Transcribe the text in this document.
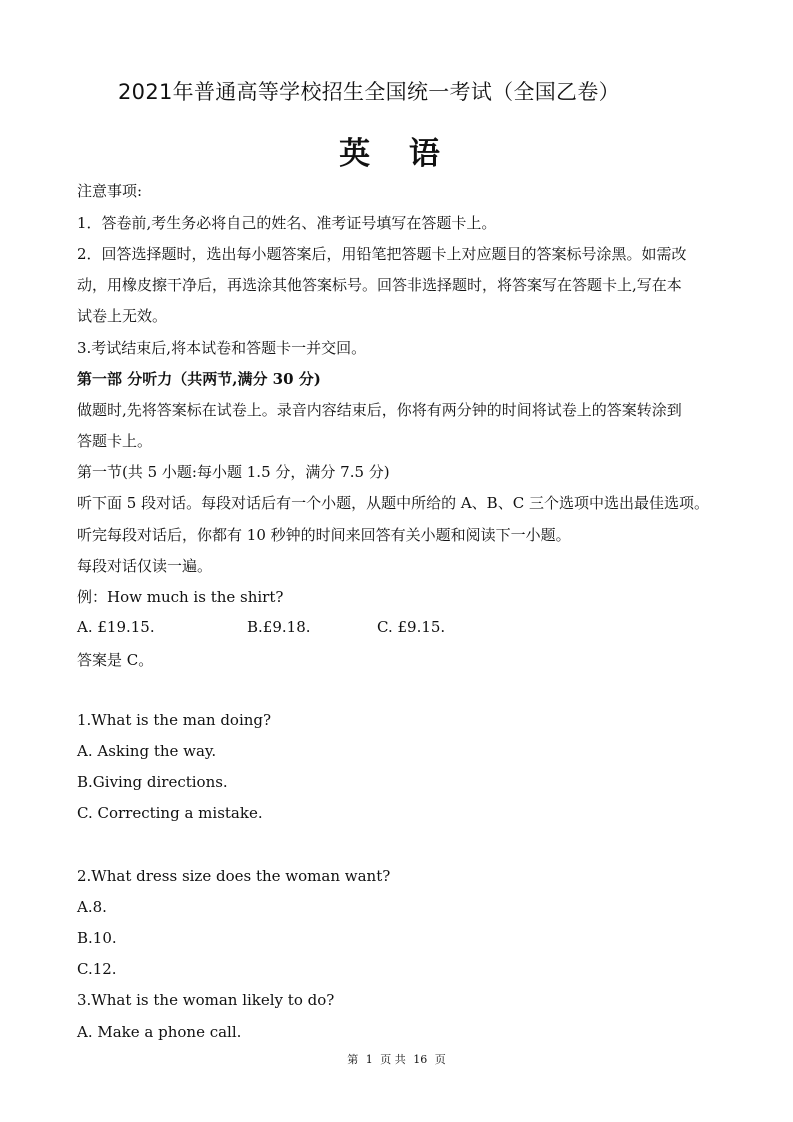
2021年普通高等学校招生全国统一考试（全国乙卷）
英 语
注意事项:
1．答卷前,考生务必将自己的姓名、准考证号填写在答题卡上。
2．回答选择题时，选出每小题答案后，用铅笔把答题卡上对应题目的答案标号涂黑。如需改
动，用橡皮擦干净后，再选涂其他答案标号。回答非选择题时，将答案写在答题卡上,写在本
试卷上无效。
3.考试结束后,将本试卷和答题卡一并交回。
第一部 分听力（共两节,满分 30 分)
做题时,先将答案标在试卷上。录音内容结束后，你将有两分钟的时间将试卷上的答案转涂到
答题卡上。
第一节(共 5 小题:每小题 1.5 分，满分 7.5 分)
听下面 5 段对话。每段对话后有一个小题，从题中所给的 A、B、C 三个选项中选出最佳选项。
听完每段对话后，你都有 10 秒钟的时间来回答有关小题和阅读下一小题。
每段对话仅读一遍。
例：How much is the shirt?
A. £19.15.	B.£9.18.	C. £9.15.
答案是 C。
1.What is the man doing?
A. Asking the way.
B.Giving directions.
C. Correcting a mistake.
2.What dress size does the woman want?
A.8.
B.10.
C.12.
3.What is the woman likely to do?
A. Make a phone call.
第 1 页 共 16 页
